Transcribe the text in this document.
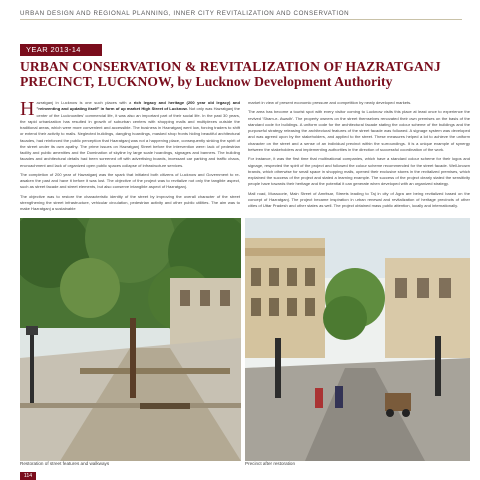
URBAN DESIGN AND REGIONAL PLANNING, INNER CITY REVITALIZATION AND CONSERVATION
YEAR 2013-14
URBAN CONSERVATION & REVITALIZATION OF HAZRATGANJ
PRECINCT, LUCKNOW, by Lucknow Development Authority

Hazratganj in Lucknow is one such places with a rich legacy and heritage (200 year old legacy) and "reinventing and updating itself" in form of up market High Street of Lucknow. Not only was Hazratganj the center of the Lucknowites' commercial life, it was also an important part of their social life. In the past 30 years, the rapid urbanization has resulted in growth of suburban centers with shopping malls and multiplexes outside the traditional areas, which were more convenient and accessible. The business in Hazratganj went low, forcing traders to shift or extend their activity to malls. Neglected buildings, dangling hoardings, masked shop fronts hiding beautiful architectural facades, had reinforced the public perception that Hazratganj was not a happening place, consequently sinking the spirit of the street under its own apathy. The prime issues on Hazratganj Street before the intervention were: lack of pedestrian facility and public amenities and the Domination of skyline by large scale hoardings, signages and banners. The building facades and architectural details had been screened off with advertising boards, incessant car parking and traffic chaos, encroachment and lack of organized open public spaces collapse of infrastructure services.

The completion of 200 year of Hazratganj was the spark that initiated both citizens of Lucknow and Government to re-awaken the past and have it before it was lost. The objective of the project was to revitalize not only the tangible aspect, such as street facade and street elements, but also conserve intangible aspect of Hazratganj.

The objective was to restore the characteristic identity of the street by improving the overall character of the street strengthening the street infrastructure, vehicular circulation, pedestrian activity and other public utilities. The aim was to make Hazratganj a sustainable

market in view of present economic pressure and competition by newly developed markets.

The area has become a tourist spot with every visitor coming to Lucknow visits this place at least once to experience the revived 'Sham-e- Awadh'. The property owners on the street themselves renovated their own premises on the basis of the standard code for buildings. A uniform code for the architectural facade stating the colour scheme of the buildings and the purposeful strategy releasing the architectural features of the street facade was followed. A signage system was developed and was agreed upon by the stakeholders, and applied to the street. These measures helped a lot to achieve the uniform character on the street and a sense of an individual precinct within the surroundings. It is a unique example of synergy between the stakeholders and implementing authorities in the direction of successful coordination of the work.

For instance, it was the first time that multinational companies, which have a standard colour scheme for their logos and signage, respected the spirit of the project and followed the colour scheme recommended for the street facade. Well-known brands, which otherwise for small space in shopping malls, opened their exclusive stores in the revitalized premises, which explained the success of the project and stated a learning example. The success of the project clearly stated the sensitivity people have towards their heritage and the potential it can generate when developed with an organized strategy.

Mall road, Mussoorie, Main Street of Amritsar, Streets leading to Taj in city of Agra are being revitalized based on the concept of Hazratganj. The project became inspiration in urban renewal and revitalization of heritage precincts of other cities of Uttar Pradesh and other states as well. The project obtained mass public attention, locally and internationally.

Restoration of street features and walkways	Precinct after restoration
114
